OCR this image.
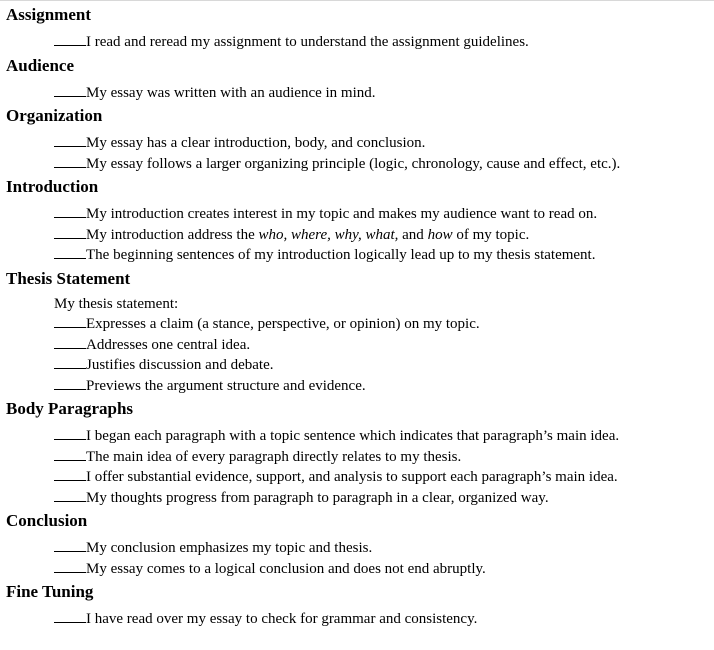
Assignment
I read and reread my assignment to understand the assignment guidelines.
Audience
My essay was written with an audience in mind.
Organization
My essay has a clear introduction, body, and conclusion.
My essay follows a larger organizing principle (logic, chronology, cause and effect, etc.).
Introduction
My introduction creates interest in my topic and makes my audience want to read on.
My introduction address the who, where, why, what, and how of my topic.
The beginning sentences of my introduction logically lead up to my thesis statement.
Thesis Statement
My thesis statement:
Expresses a claim (a stance, perspective, or opinion) on my topic.
Addresses one central idea.
Justifies discussion and debate.
Previews the argument structure and evidence.
Body Paragraphs
I began each paragraph with a topic sentence which indicates that paragraph’s main idea.
The main idea of every paragraph directly relates to my thesis.
I offer substantial evidence, support, and analysis to support each paragraph’s main idea.
My thoughts progress from paragraph to paragraph in a clear, organized way.
Conclusion
My conclusion emphasizes my topic and thesis.
My essay comes to a logical conclusion and does not end abruptly.
Fine Tuning
I have read over my essay to check for grammar and consistency.
